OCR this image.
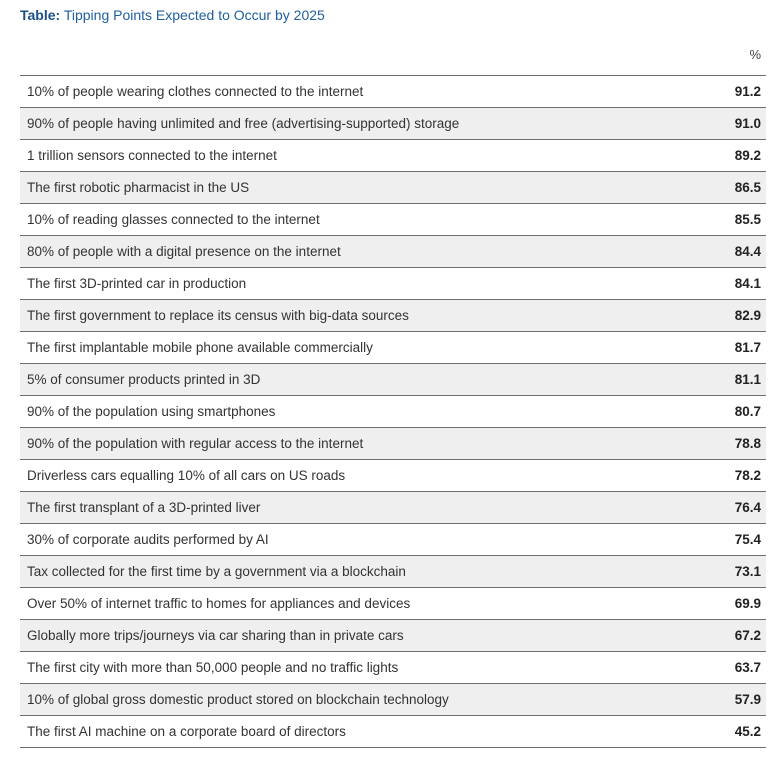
Table: Tipping Points Expected to Occur by 2025
%
10% of people wearing clothes connected to the internet	91.2
90% of people having unlimited and free (advertising-supported) storage	91.0
1 trillion sensors connected to the internet	89.2
The first robotic pharmacist in the US	86.5
10% of reading glasses connected to the internet	85.5
80% of people with a digital presence on the internet	84.4
The first 3D-printed car in production	84.1
The first government to replace its census with big-data sources	82.9
The first implantable mobile phone available commercially	81.7
5% of consumer products printed in 3D	81.1
90% of the population using smartphones	80.7
90% of the population with regular access to the internet	78.8
Driverless cars equalling 10% of all cars on US roads	78.2
The first transplant of a 3D-printed liver	76.4
30% of corporate audits performed by AI	75.4
Tax collected for the first time by a government via a blockchain	73.1
Over 50% of internet traffic to homes for appliances and devices	69.9
Globally more trips/journeys via car sharing than in private cars	67.2
The first city with more than 50,000 people and no traffic lights	63.7
10% of global gross domestic product stored on blockchain technology	57.9
The first AI machine on a corporate board of directors	45.2
